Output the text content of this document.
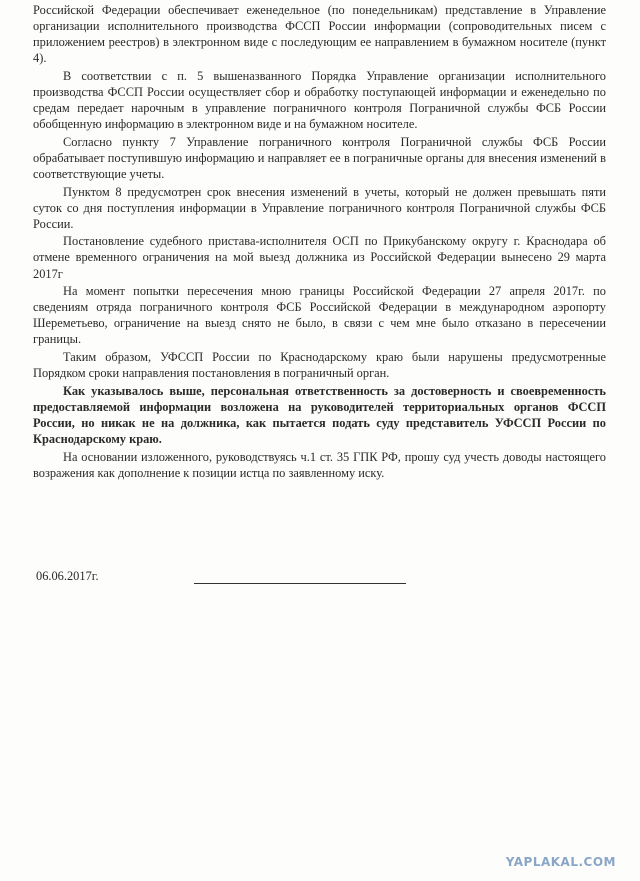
Российской Федерации обеспечивает еженедельное (по понедельникам) представление в Управление организации исполнительного производства ФССП России информации (сопроводительных писем с приложением реестров) в электронном виде с последующим ее направлением в бумажном носителе (пункт 4).

В соответствии с п. 5 вышеназванного Порядка Управление организации исполнительного производства ФССП России осуществляет сбор и обработку поступающей информации и еженедельно по средам передает нарочным в управление пограничного контроля Пограничной службы ФСБ России обобщенную информацию в электронном виде и на бумажном носителе.

Согласно пункту 7 Управление пограничного контроля Пограничной службы ФСБ России обрабатывает поступившую информацию и направляет ее в пограничные органы для внесения изменений в соответствующие учеты.

Пунктом 8 предусмотрен срок внесения изменений в учеты, который не должен превышать пяти суток со дня поступления информации в Управление пограничного контроля Пограничной службы ФСБ России.

Постановление судебного пристава-исполнителя ОСП по Прикубанскому округу г. Краснодара об отмене временного ограничения на мой выезд должника из Российской Федерации вынесено 29 марта 2017г

На момент попытки пересечения мною границы Российской Федерации 27 апреля 2017г. по сведениям отряда пограничного контроля ФСБ Российской Федерации в международном аэропорту Шереметьево, ограничение на выезд снято не было, в связи с чем мне было отказано в пересечении границы.

Таким образом, УФССП России по Краснодарскому краю были нарушены предусмотренные Порядком сроки направления постановления в пограничный орган.

Как указывалось выше, персональная ответственность за достоверность и своевременность предоставляемой информации возложена на руководителей территориальных органов ФССП России, но никак не на должника, как пытается подать суду представитель УФССП России по Краснодарскому краю.

На основании изложенного, руководствуясь ч.1 ст. 35 ГПК РФ, прошу суд учесть доводы настоящего возражения как дополнение к позиции истца по заявленному иску.

06.06.2017г.
YAPLAKAL.COM
